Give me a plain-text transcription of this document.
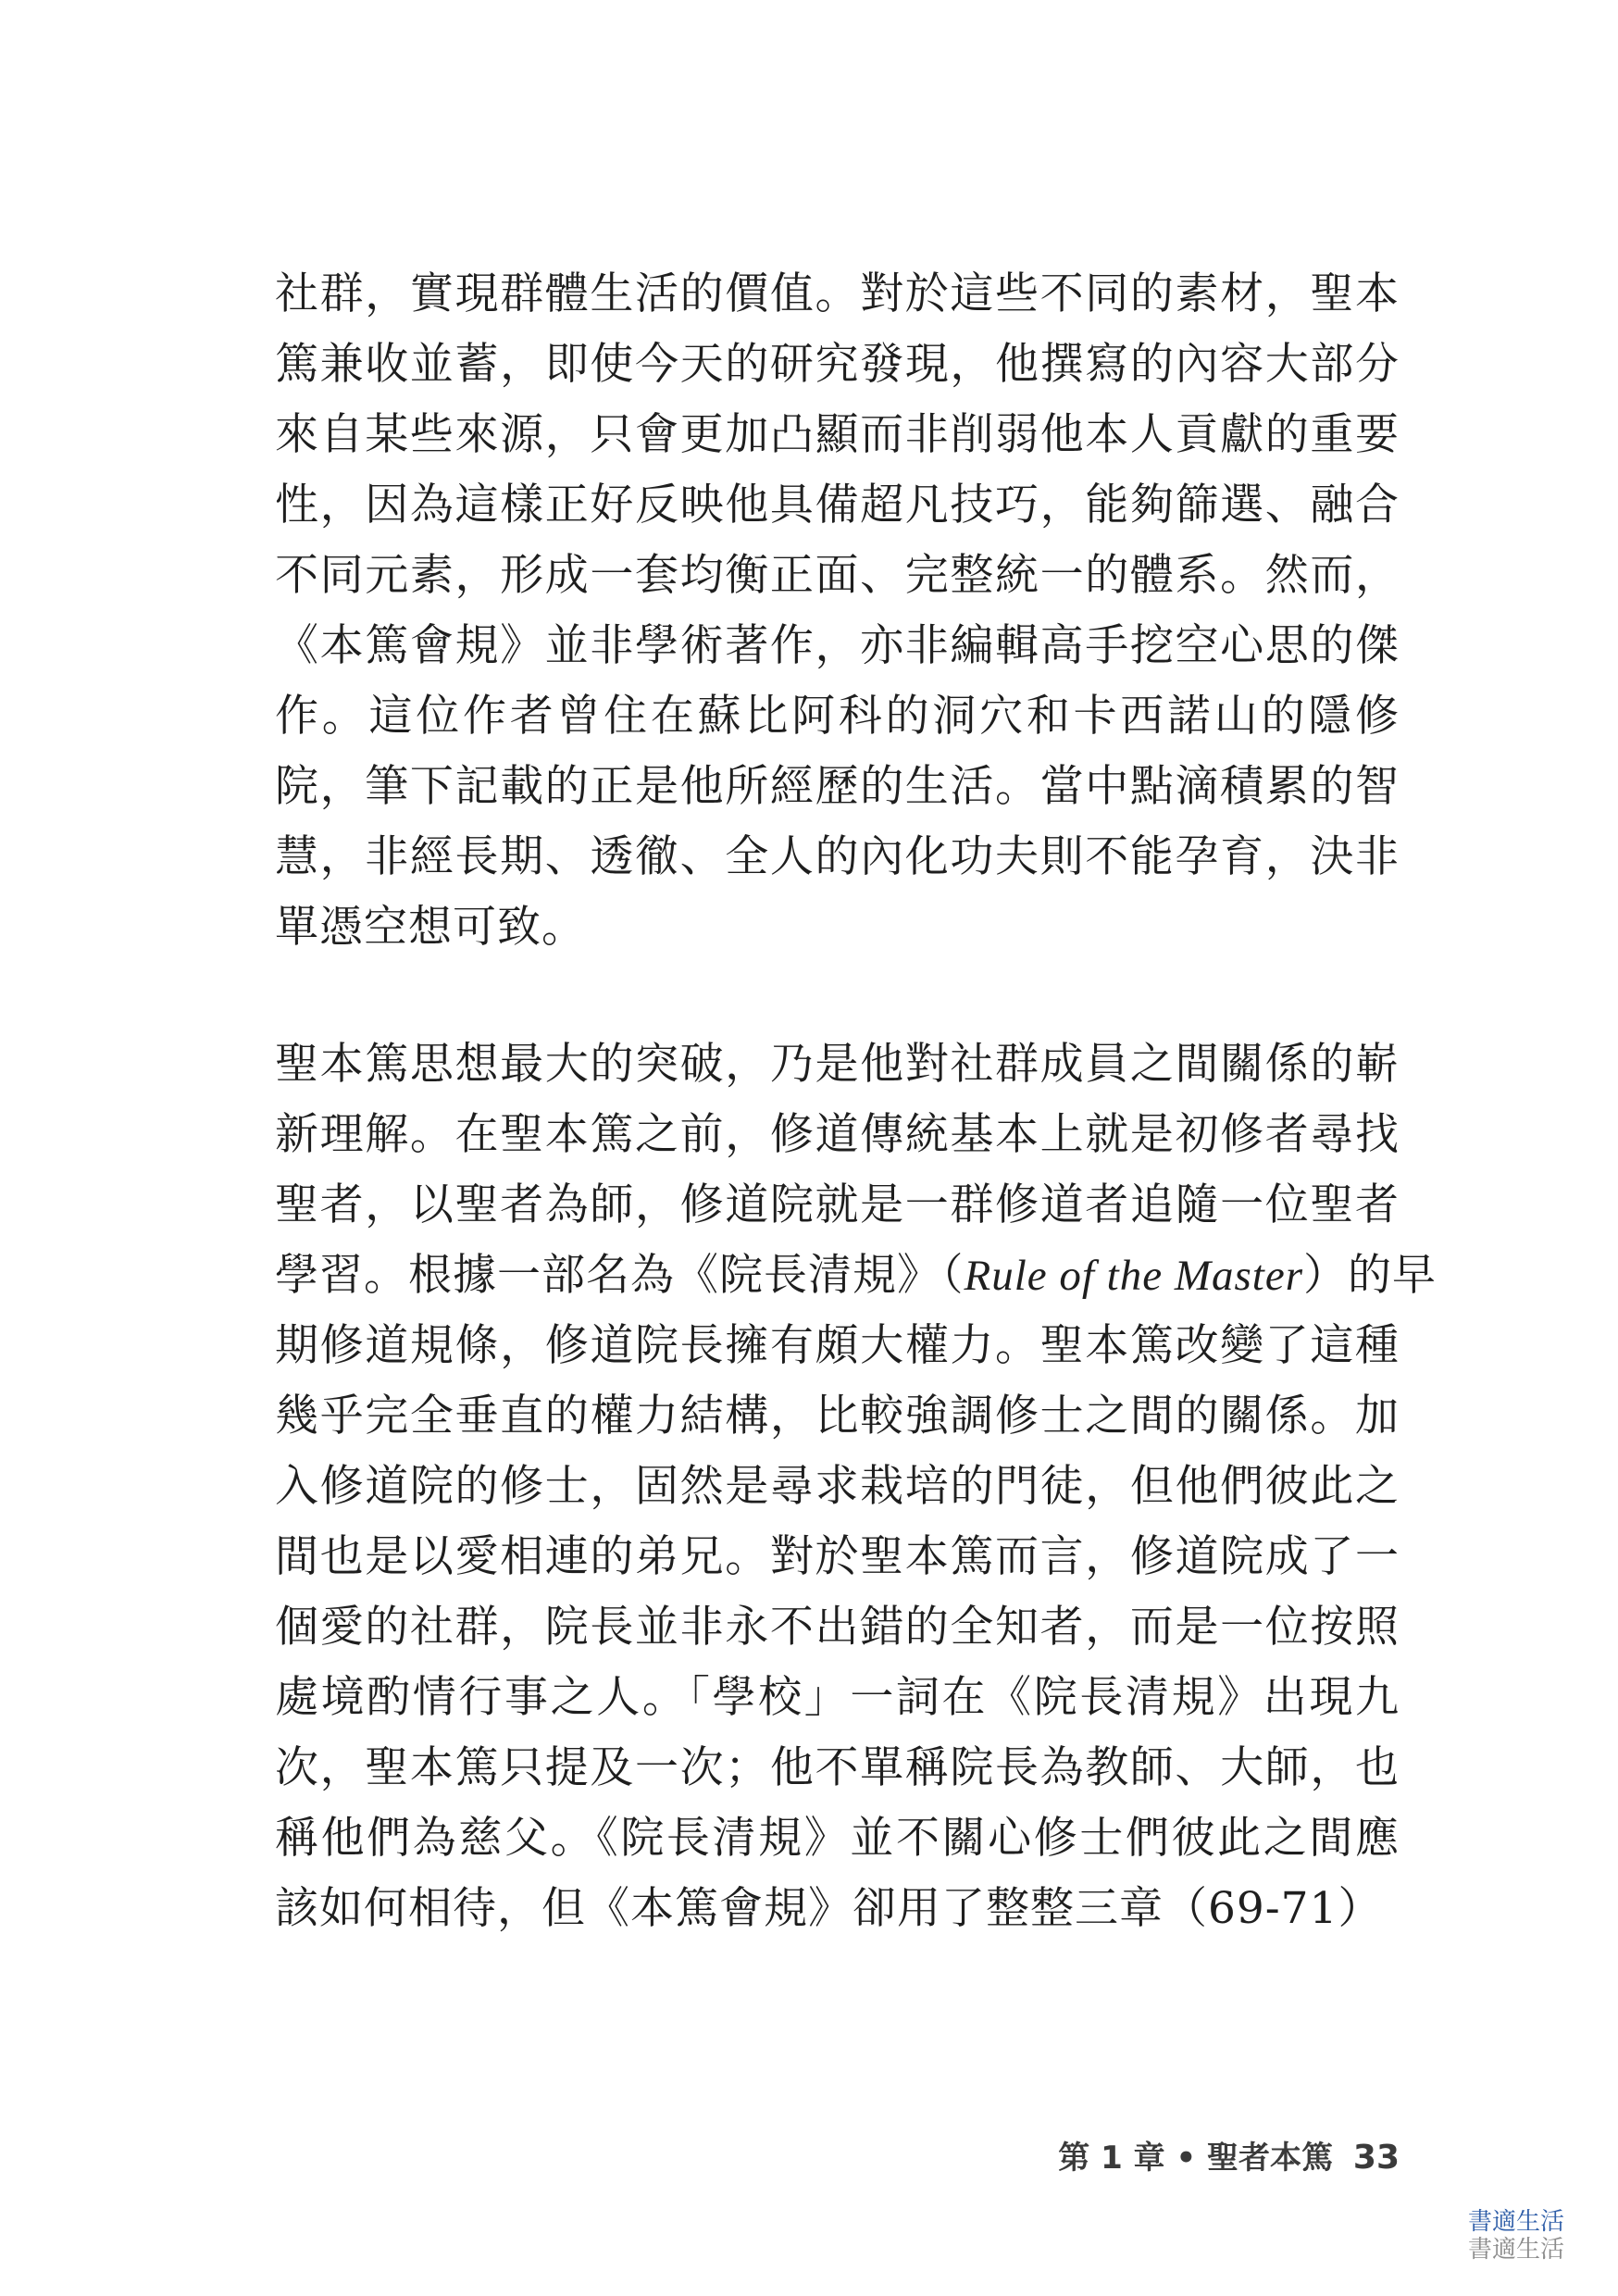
社群，實現群體生活的價值。對於這些不同的素材，聖本
篤兼收並蓄，即使今天的研究發現，他撰寫的內容大部分
來自某些來源，只會更加凸顯而非削弱他本人貢獻的重要
性，因為這樣正好反映他具備超凡技巧，能夠篩選、融合
不同元素，形成一套均衡正面、完整統一的體系。然而，
《本篤會規》並非學術著作，亦非編輯高手挖空心思的傑
作。這位作者曾住在蘇比阿科的洞穴和卡西諾山的隱修
院，筆下記載的正是他所經歷的生活。當中點滴積累的智
慧，非經長期、透徹、全人的內化功夫則不能孕育，決非
單憑空想可致。
聖本篤思想最大的突破，乃是他對社群成員之間關係的嶄
新理解。在聖本篤之前，修道傳統基本上就是初修者尋找
聖者，以聖者為師，修道院就是一群修道者追隨一位聖者
學習。根據一部名為《院長清規》（Rule of the Master）的早
期修道規條，修道院長擁有頗大權力。聖本篤改變了這種
幾乎完全垂直的權力結構，比較強調修士之間的關係。加
入修道院的修士，固然是尋求栽培的門徒，但他們彼此之
間也是以愛相連的弟兄。對於聖本篤而言，修道院成了一
個愛的社群，院長並非永不出錯的全知者，而是一位按照
處境酌情行事之人。「學校」一詞在《院長清規》出現九
次，聖本篤只提及一次；他不單稱院長為教師、大師，也
稱他們為慈父。《院長清規》並不關心修士們彼此之間應
該如何相待，但《本篤會規》卻用了整整三章（69-71）
第 1 章 • 聖者本篤 33
書適生活
書適生活
